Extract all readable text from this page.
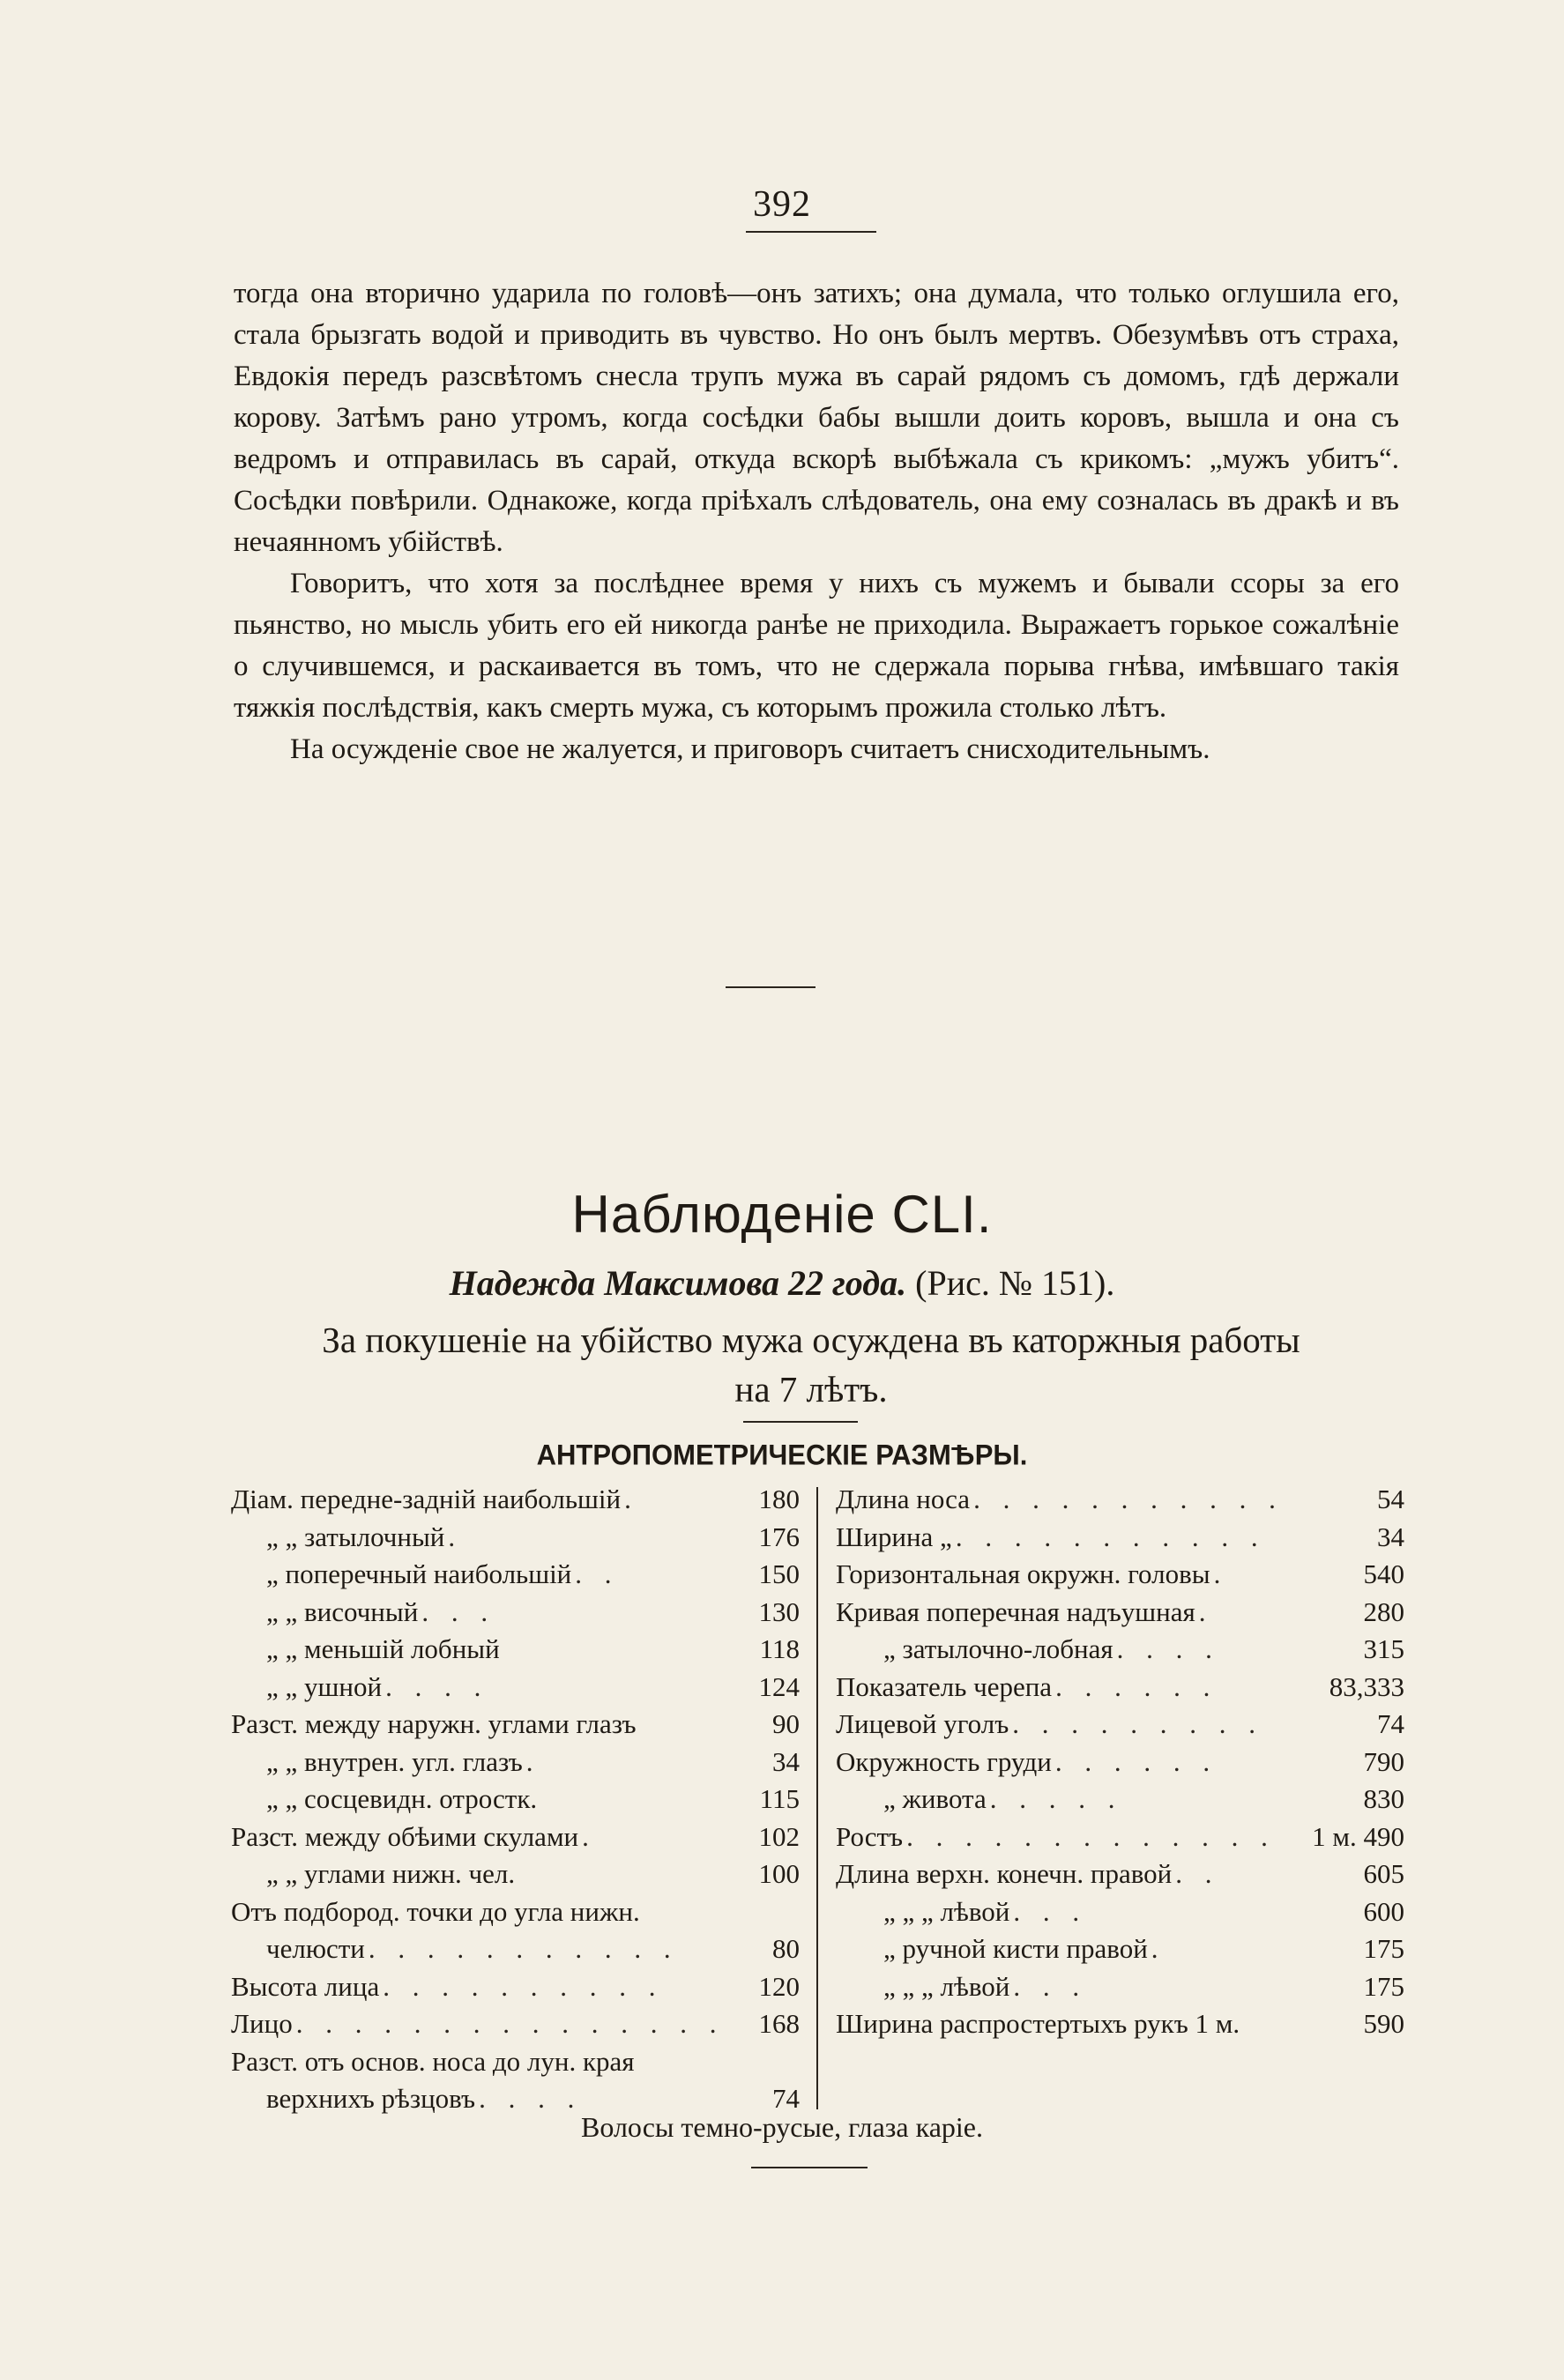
392

тогда она вторично ударила по головѣ—онъ затихъ; она думала, что только оглушила его, стала брызгать водой и приводить въ чувство. Но онъ былъ мертвъ. Обезумѣвъ отъ страха, Евдокія передъ разсвѣтомъ снесла трупъ мужа въ сарай рядомъ съ домомъ, гдѣ держали корову. Затѣмъ рано утромъ, когда сосѣдки бабы вышли доить коровъ, вышла и она съ ведромъ и отправилась въ сарай, откуда вскорѣ выбѣжала съ крикомъ: „мужъ убитъ“. Сосѣдки повѣрили. Однакоже, когда пріѣхалъ слѣдователь, она ему созналась въ дракѣ и въ нечаянномъ убійствѣ.

Говоритъ, что хотя за послѣднее время у нихъ съ мужемъ и бывали ссоры за его пьянство, но мысль убить его ей никогда ранѣе не приходила. Выражаетъ горькое сожалѣніе о случившемся, и раскаивается въ томъ, что не сдержала порыва гнѣва, имѣвшаго такія тяжкія послѣдствія, какъ смерть мужа, съ которымъ прожила столько лѣтъ.

На осужденіе свое не жалуется, и приговоръ считаетъ снисходительнымъ.

Наблюденіе CLI.
Надежда Максимова 22 года. (Рис. № 151).
За покушеніе на убійство мужа осужденa въ каторжныя работы
на 7 лѣтъ.
АНТРОПОМЕТРИЧЕСКІЕ РАЗМѢРЫ.
Діам. передне-задній наибольшій .	180
„ „ затылочный .	176
„ поперечный наибольшій . .	150
„ „ височный . . .	130
„ „ меньшій лобный	118
„ „ ушной . . . .	124
Разст. между наружн. углами глазъ	90
„ „ внутрен. угл. глазъ .	34
„ „ сосцевидн. отростк.	115
Разст. между обѣими скулами .	102
„ „ углами нижн. чел.	100
Отъ подбород. точки до угла нижн.
челюсти . . . . . . . . . . .	80
Высота лица . . . . . . . . . .	120
Лицо . . . . . . . . . . . . . . .	168
Разст. отъ основ. носа до лун. края
верхнихъ рѣзцовъ . . . .	74
Длина носа . . . . . . . . . . .	54
Ширина „ . . . . . . . . . . .	34
Горизонтальная окружн. головы .	540
Кривая поперечная надъушная .	280
„ затылочно-лобная . . . .	315
Показатель черепа . . . . . .	83,333
Лицевой уголъ . . . . . . . . .	74
Окружность груди . . . . . .	790
„ живота . . . . .	830
Ростъ . . . . . . . . . . . . .	1 м. 490
Длина верхн. конечн. правой . .	605
„ „ „ лѣвой . . .	600
„ ручной кисти правой .	175
„ „ „ лѣвой . . .	175
Ширина распростертыхъ рукъ 1 м.	590
Волосы темно-русые, глаза каріе.
